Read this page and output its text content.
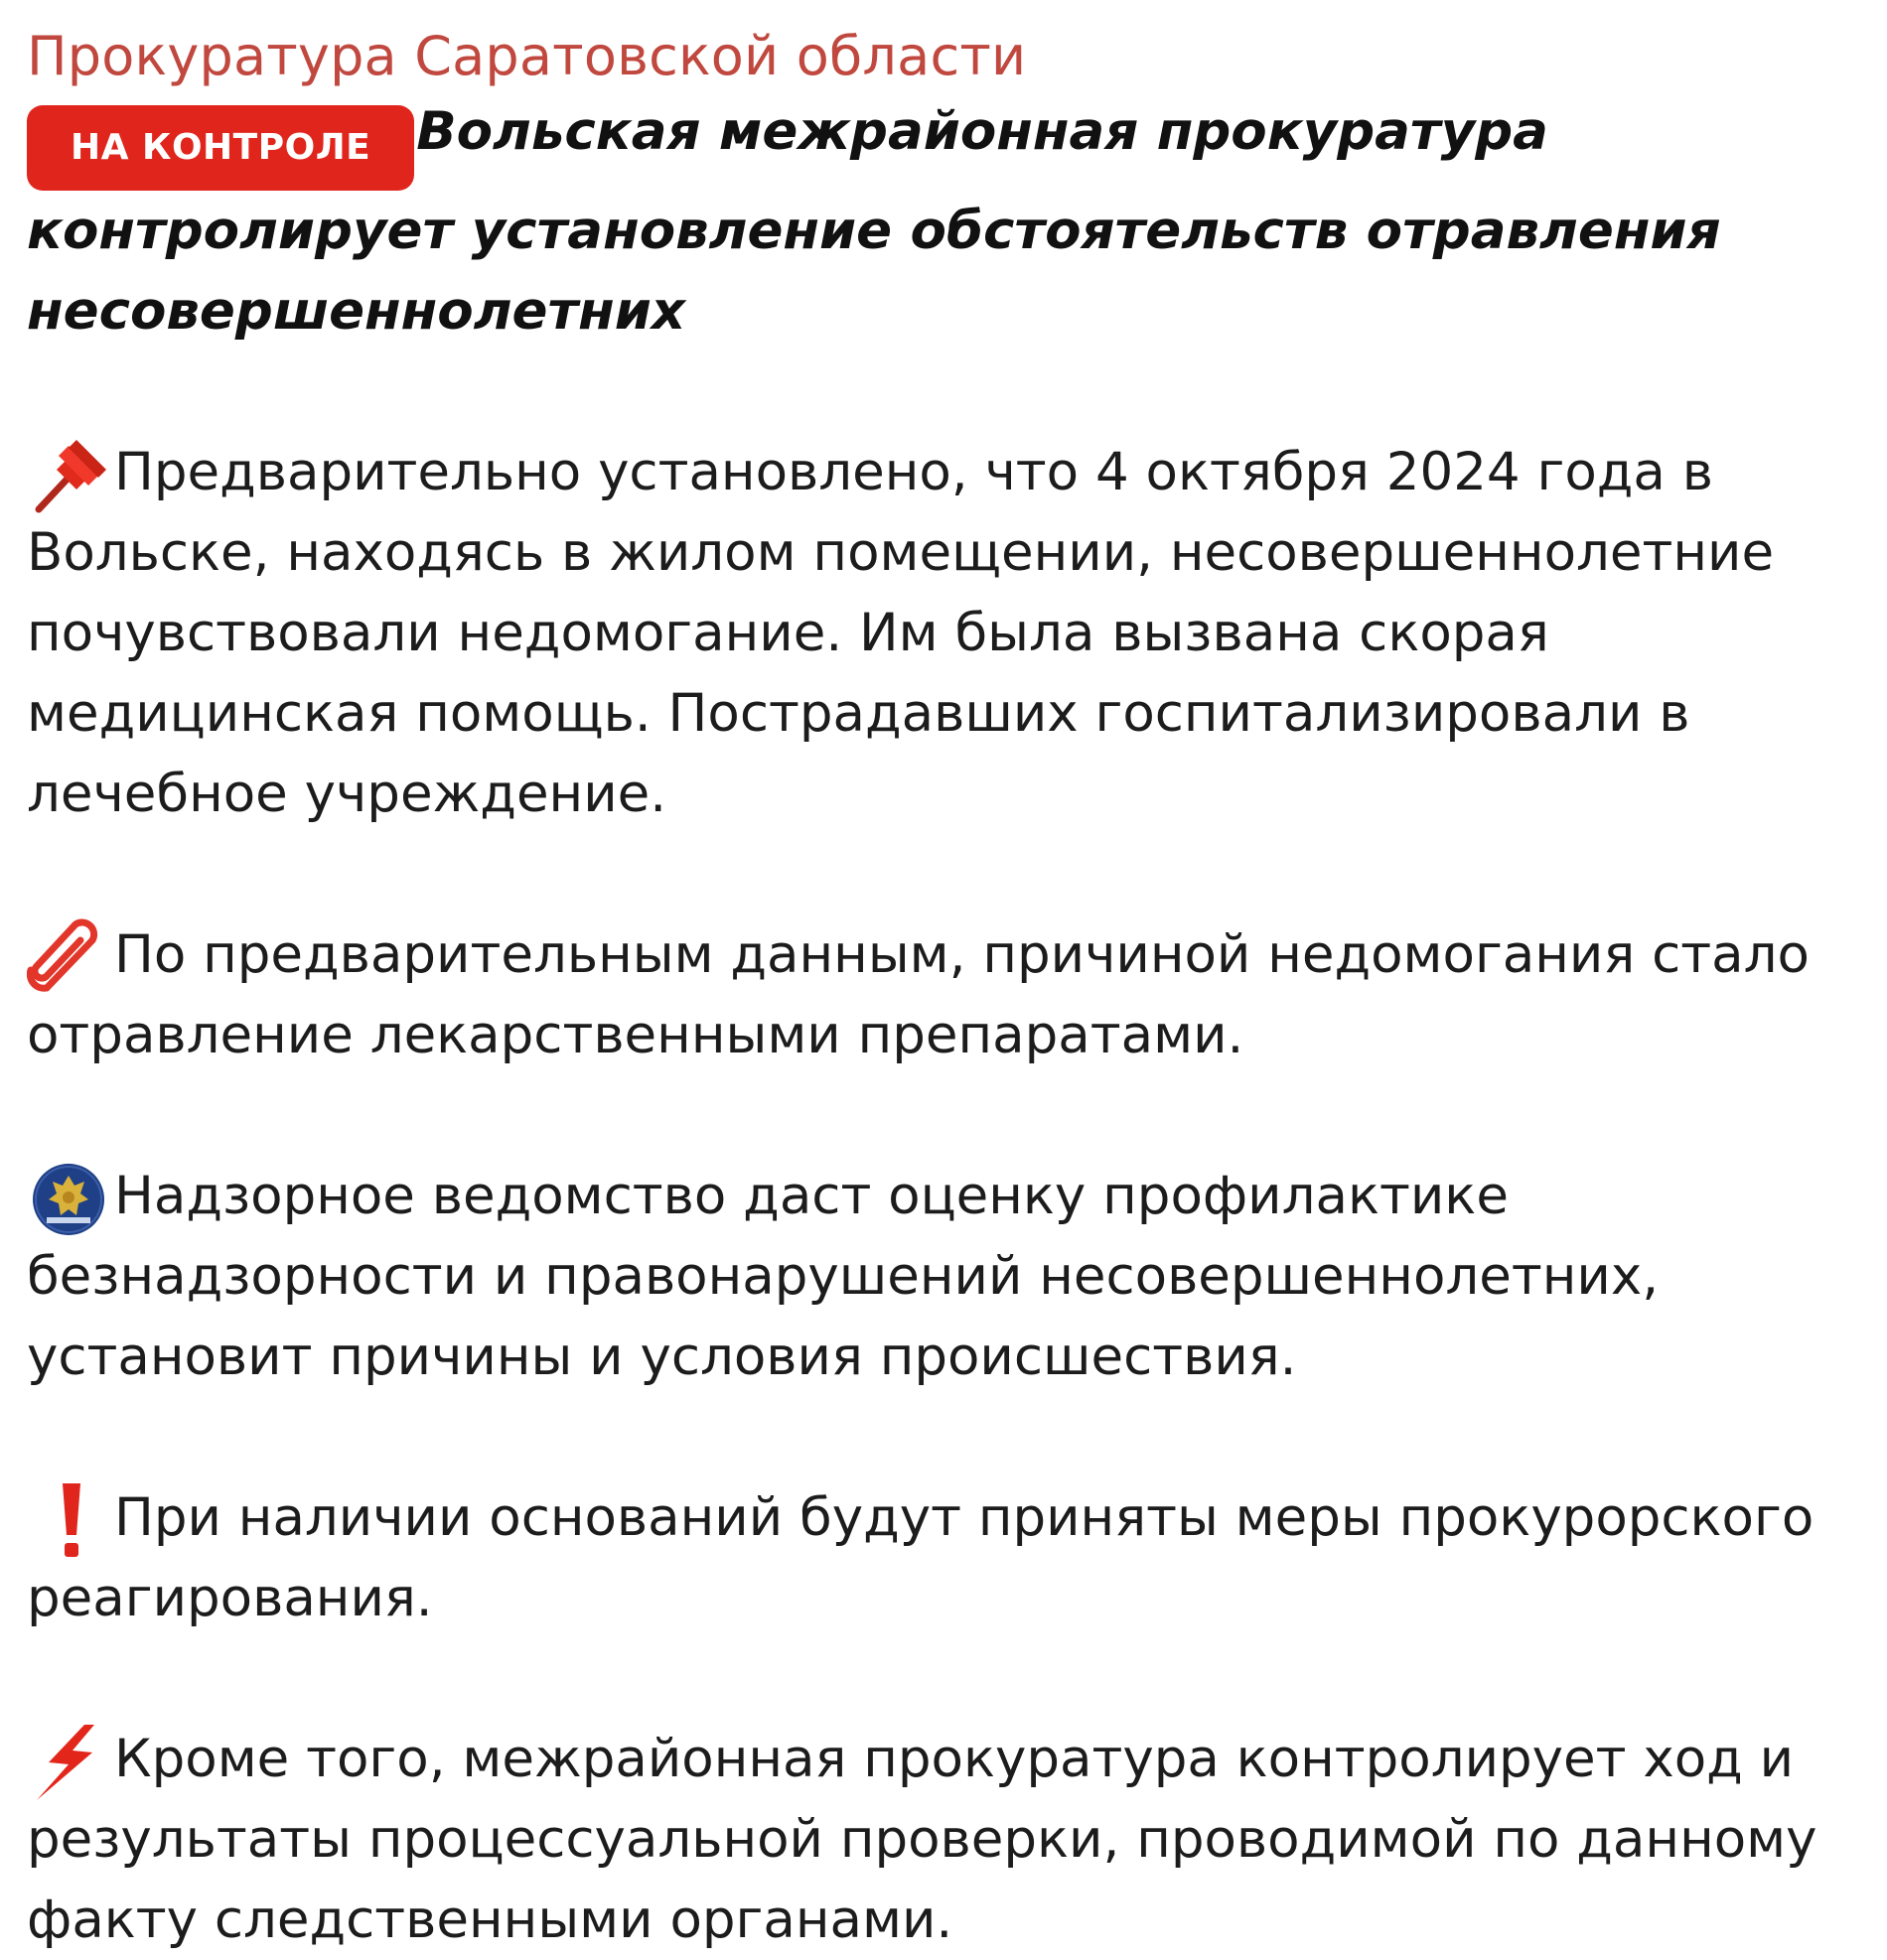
Прокуратура Саратовской области
НА КОНТРОЛЕ Вольская межрайонная прокуратура контролирует установление обстоятельств отравления несовершеннолетних
Предварительно установлено, что 4 октября 2024 года в Вольске, находясь в жилом помещении, несовершеннолетние почувствовали недомогание. Им была вызвана скорая медицинская помощь. Пострадавших госпитализировали в лечебное учреждение.
По предварительным данным, причиной недомогания стало отравление лекарственными препаратами.
Надзорное ведомство даст оценку профилактике безнадзорности и правонарушений несовершеннолетних, установит причины и условия происшествия.
При наличии оснований будут приняты меры прокурорского реагирования.
Кроме того, межрайонная прокуратура контролирует ход и результаты процессуальной проверки, проводимой по данному факту следственными органами.
